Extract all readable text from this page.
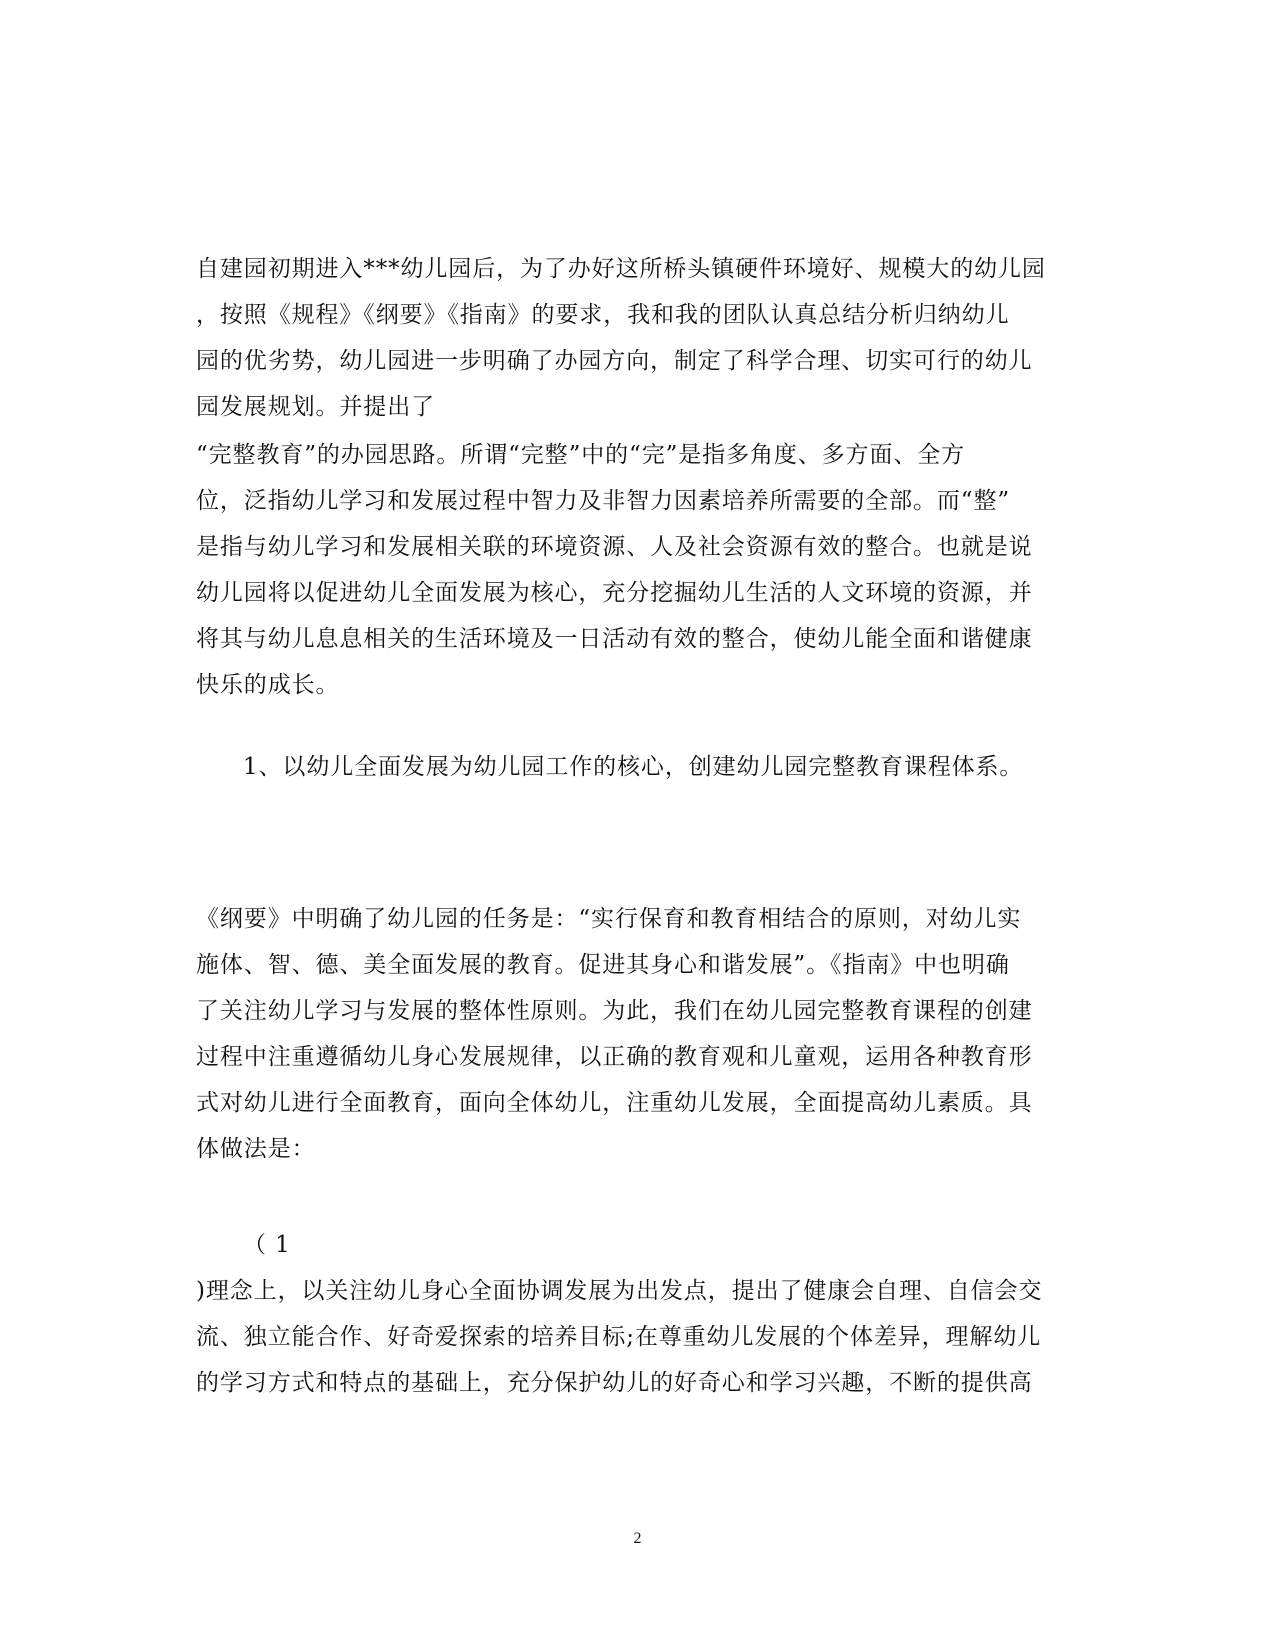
自建园初期进入***幼儿园后，为了办好这所桥头镇硬件环境好、规模大的幼儿园
，按照《规程》《纲要》《指南》的要求，我和我的团队认真总结分析归纳幼儿
园的优劣势，幼儿园进一步明确了办园方向，制定了科学合理、切实可行的幼儿
园发展规划。并提出了
“完整教育”的办园思路。所谓“完整”中的“完”是指多角度、多方面、全方
位，泛指幼儿学习和发展过程中智力及非智力因素培养所需要的全部。而“整”
是指与幼儿学习和发展相关联的环境资源、人及社会资源有效的整合。也就是说
幼儿园将以促进幼儿全面发展为核心，充分挖掘幼儿生活的人文环境的资源，并
将其与幼儿息息相关的生活环境及一日活动有效的整合，使幼儿能全面和谐健康
快乐的成长。
1、以幼儿全面发展为幼儿园工作的核心，创建幼儿园完整教育课程体系。
《纲要》中明确了幼儿园的任务是：“实行保育和教育相结合的原则，对幼儿实
施体、智、德、美全面发展的教育。促进其身心和谐发展”。《指南》中也明确
了关注幼儿学习与发展的整体性原则。为此，我们在幼儿园完整教育课程的创建
过程中注重遵循幼儿身心发展规律，以正确的教育观和儿童观，运用各种教育形
式对幼儿进行全面教育，面向全体幼儿，注重幼儿发展，全面提高幼儿素质。具
体做法是：
（ 1
)理念上，以关注幼儿身心全面协调发展为出发点，提出了健康会自理、自信会交
流、独立能合作、好奇爱探索的培养目标;在尊重幼儿发展的个体差异，理解幼儿
的学习方式和特点的基础上，充分保护幼儿的好奇心和学习兴趣，不断的提供高
2
